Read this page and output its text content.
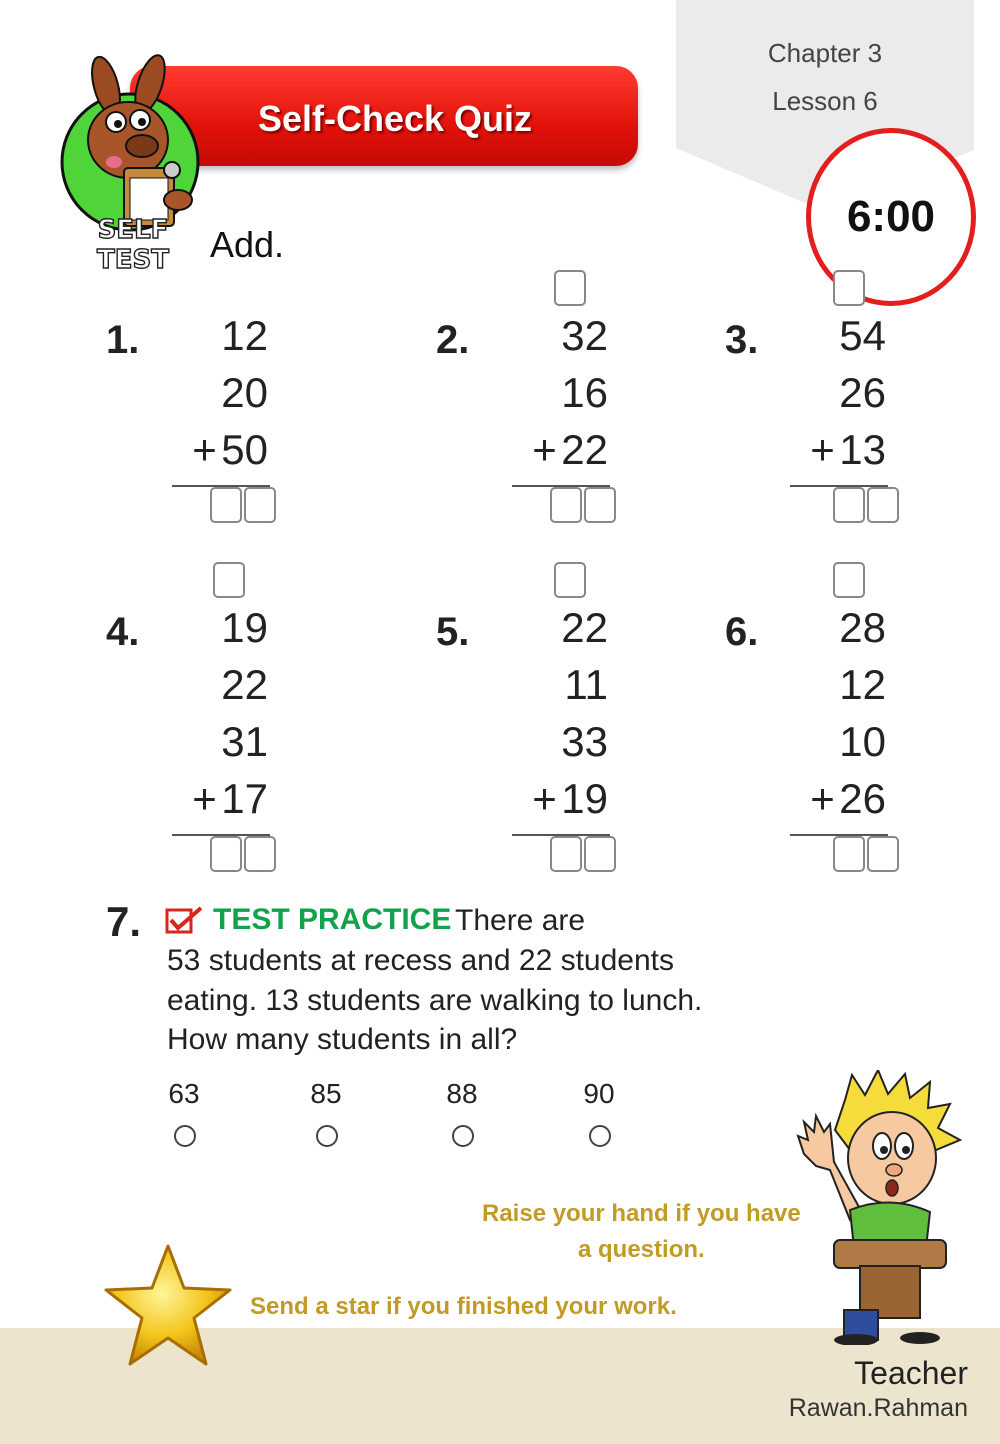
Chapter 3
Lesson 6
Self-Check Quiz
SELF
TEST
6:00
Add.
1.	12
20
+ 50
2.	32
16
+ 22
3.	54
26
+ 13
4.	19
22
31
+ 17
5.	22
11
33
+ 19
6.	28
12
10
+ 26
7. TEST PRACTICE There are
53 students at recess and 22 students
eating. 13 students are walking to lunch.
How many students in all?
63	85	88	90
Raise your hand if you have
a question.
Send a star if you finished your work.
Teacher
Rawan.Rahman
